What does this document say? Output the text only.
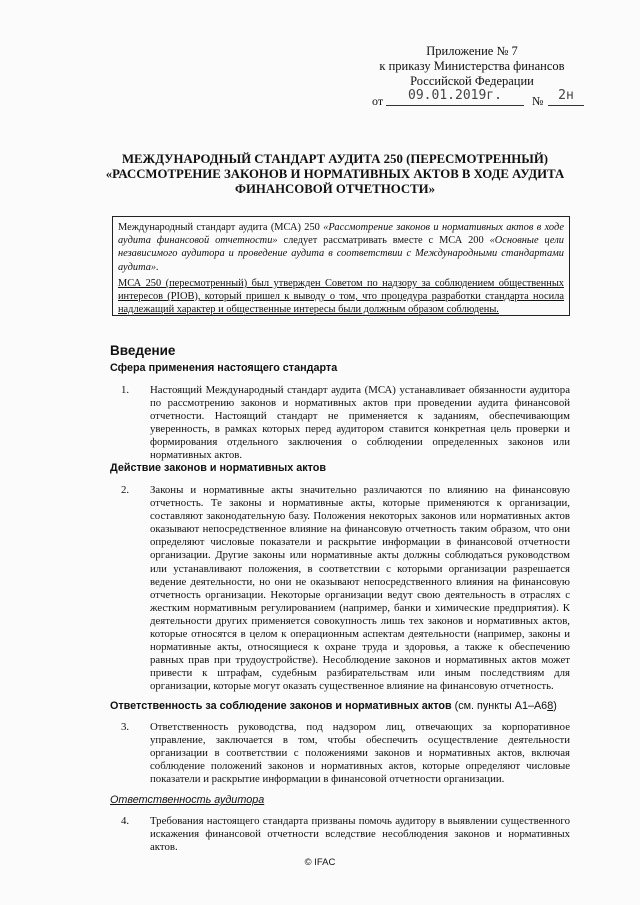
Приложение № 7
к приказу Министерства финансов
Российской Федерации
от	09.01.2019г.	№	2н
МЕЖДУНАРОДНЫЙ СТАНДАРТ АУДИТА 250 (ПЕРЕСМОТРЕННЫЙ)
«РАССМОТРЕНИЕ ЗАКОНОВ И НОРМАТИВНЫХ АКТОВ В ХОДЕ АУДИТА
ФИНАНСОВОЙ ОТЧЕТНОСТИ»

Международный стандарт аудита (МСА) 250 «Рассмотрение законов и нормативных актов в ходе аудита финансовой отчетности» следует рассматривать вместе с МСА 200 «Основные цели независимого аудитора и проведение аудита в соответствии с Международными стандартами аудита».

МСА 250 (пересмотренный) был утвержден Советом по надзору за соблюдением общественных интересов (PIOB), который пришел к выводу о том, что процедура разработки стандарта носила надлежащий характер и общественные интересы были должным образом соблюдены.

Введение
Сфера применения настоящего стандарта
1. Настоящий Международный стандарт аудита (МСА) устанавливает обязанности аудитора по рассмотрению законов и нормативных актов при проведении аудита финансовой отчетности. Настоящий стандарт не применяется к заданиям, обеспечивающим уверенность, в рамках которых перед аудитором ставится конкретная цель проверки и формирования отдельного заключения о соблюдении определенных законов или нормативных актов.

Действие законов и нормативных актов
2. Законы и нормативные акты значительно различаются по влиянию на финансовую отчетность. Те законы и нормативные акты, которые применяются к организации, составляют законодательную базу. Положения некоторых законов или нормативных актов оказывают непосредственное влияние на финансовую отчетность таким образом, что они определяют числовые показатели и раскрытие информации в финансовой отчетности организации. Другие законы или нормативные акты должны соблюдаться руководством или устанавливают положения, в соответствии с которыми организации разрешается ведение деятельности, но они не оказывают непосредственного влияния на финансовую отчетность организации. Некоторые организации ведут свою деятельность в отраслях с жестким нормативным регулированием (например, банки и химические предприятия). К деятельности других применяется совокупность лишь тех законов и нормативных актов, которые относятся в целом к операционным аспектам деятельности (например, законы и нормативные акты, относящиеся к охране труда и здоровья, а также к обеспечению равных прав при трудоустройстве). Несоблюдение законов и нормативных актов может привести к штрафам, судебным разбирательствам или иным последствиям для организации, которые могут оказать существенное влияние на финансовую отчетность.

Ответственность за соблюдение законов и нормативных актов (см. пункты A1–A68)
3. Ответственность руководства, под надзором лиц, отвечающих за корпоративное управление, заключается в том, чтобы обеспечить осуществление деятельности организации в соответствии с положениями законов и нормативных актов, включая соблюдение положений законов и нормативных актов, которые определяют числовые показатели и раскрытие информации в финансовой отчетности организации.

Ответственность аудитора
4. Требования настоящего стандарта призваны помочь аудитору в выявлении существенного искажения финансовой отчетности вследствие несоблюдения законов и нормативных актов.

© IFAC
